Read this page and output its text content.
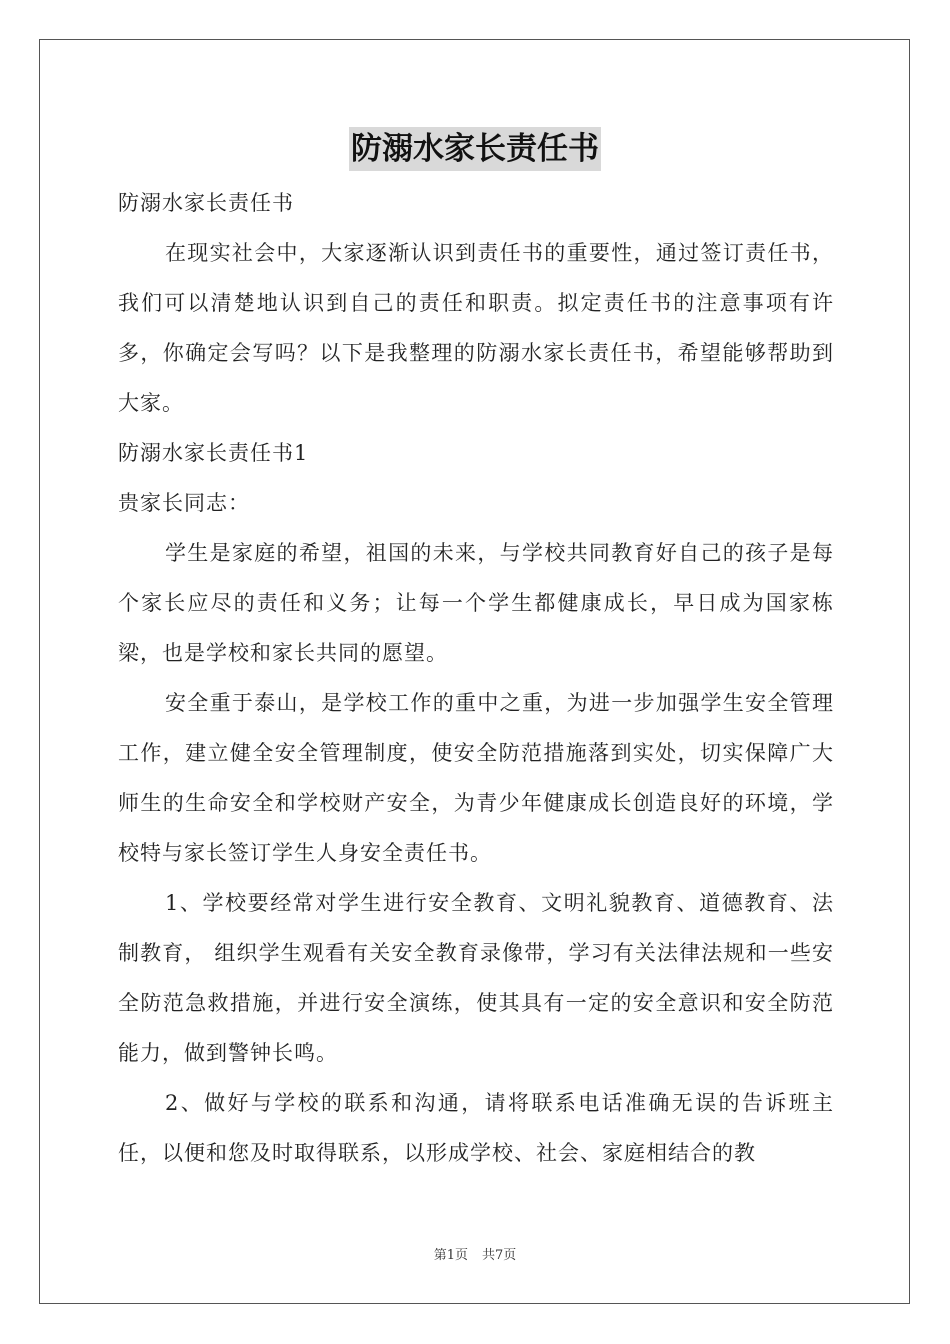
防溺水家长责任书

防溺水家长责任书

在现实社会中，大家逐渐认识到责任书的重要性，通过签订责任书，我们可以清楚地认识到自己的责任和职责。拟定责任书的注意事项有许多，你确定会写吗？以下是我整理的防溺水家长责任书，希望能够帮助到大家。

防溺水家长责任书1

贵家长同志：

学生是家庭的希望，祖国的未来，与学校共同教育好自己的孩子是每个家长应尽的责任和义务；让每一个学生都健康成长，早日成为国家栋梁，也是学校和家长共同的愿望。

安全重于泰山，是学校工作的重中之重，为进一步加强学生安全管理工作，建立健全安全管理制度，使安全防范措施落到实处，切实保障广大师生的生命安全和学校财产安全，为青少年健康成长创造良好的环境，学校特与家长签订学生人身安全责任书。

1、学校要经常对学生进行安全教育、文明礼貌教育、道德教育、法制教育， 组织学生观看有关安全教育录像带，学习有关法律法规和一些安全防范急救措施，并进行安全演练，使其具有一定的安全意识和安全防范能力，做到警钟长鸣。

2、做好与学校的联系和沟通，请将联系电话准确无误的告诉班主任，以便和您及时取得联系，以形成学校、社会、家庭相结合的教

第1页 共7页
